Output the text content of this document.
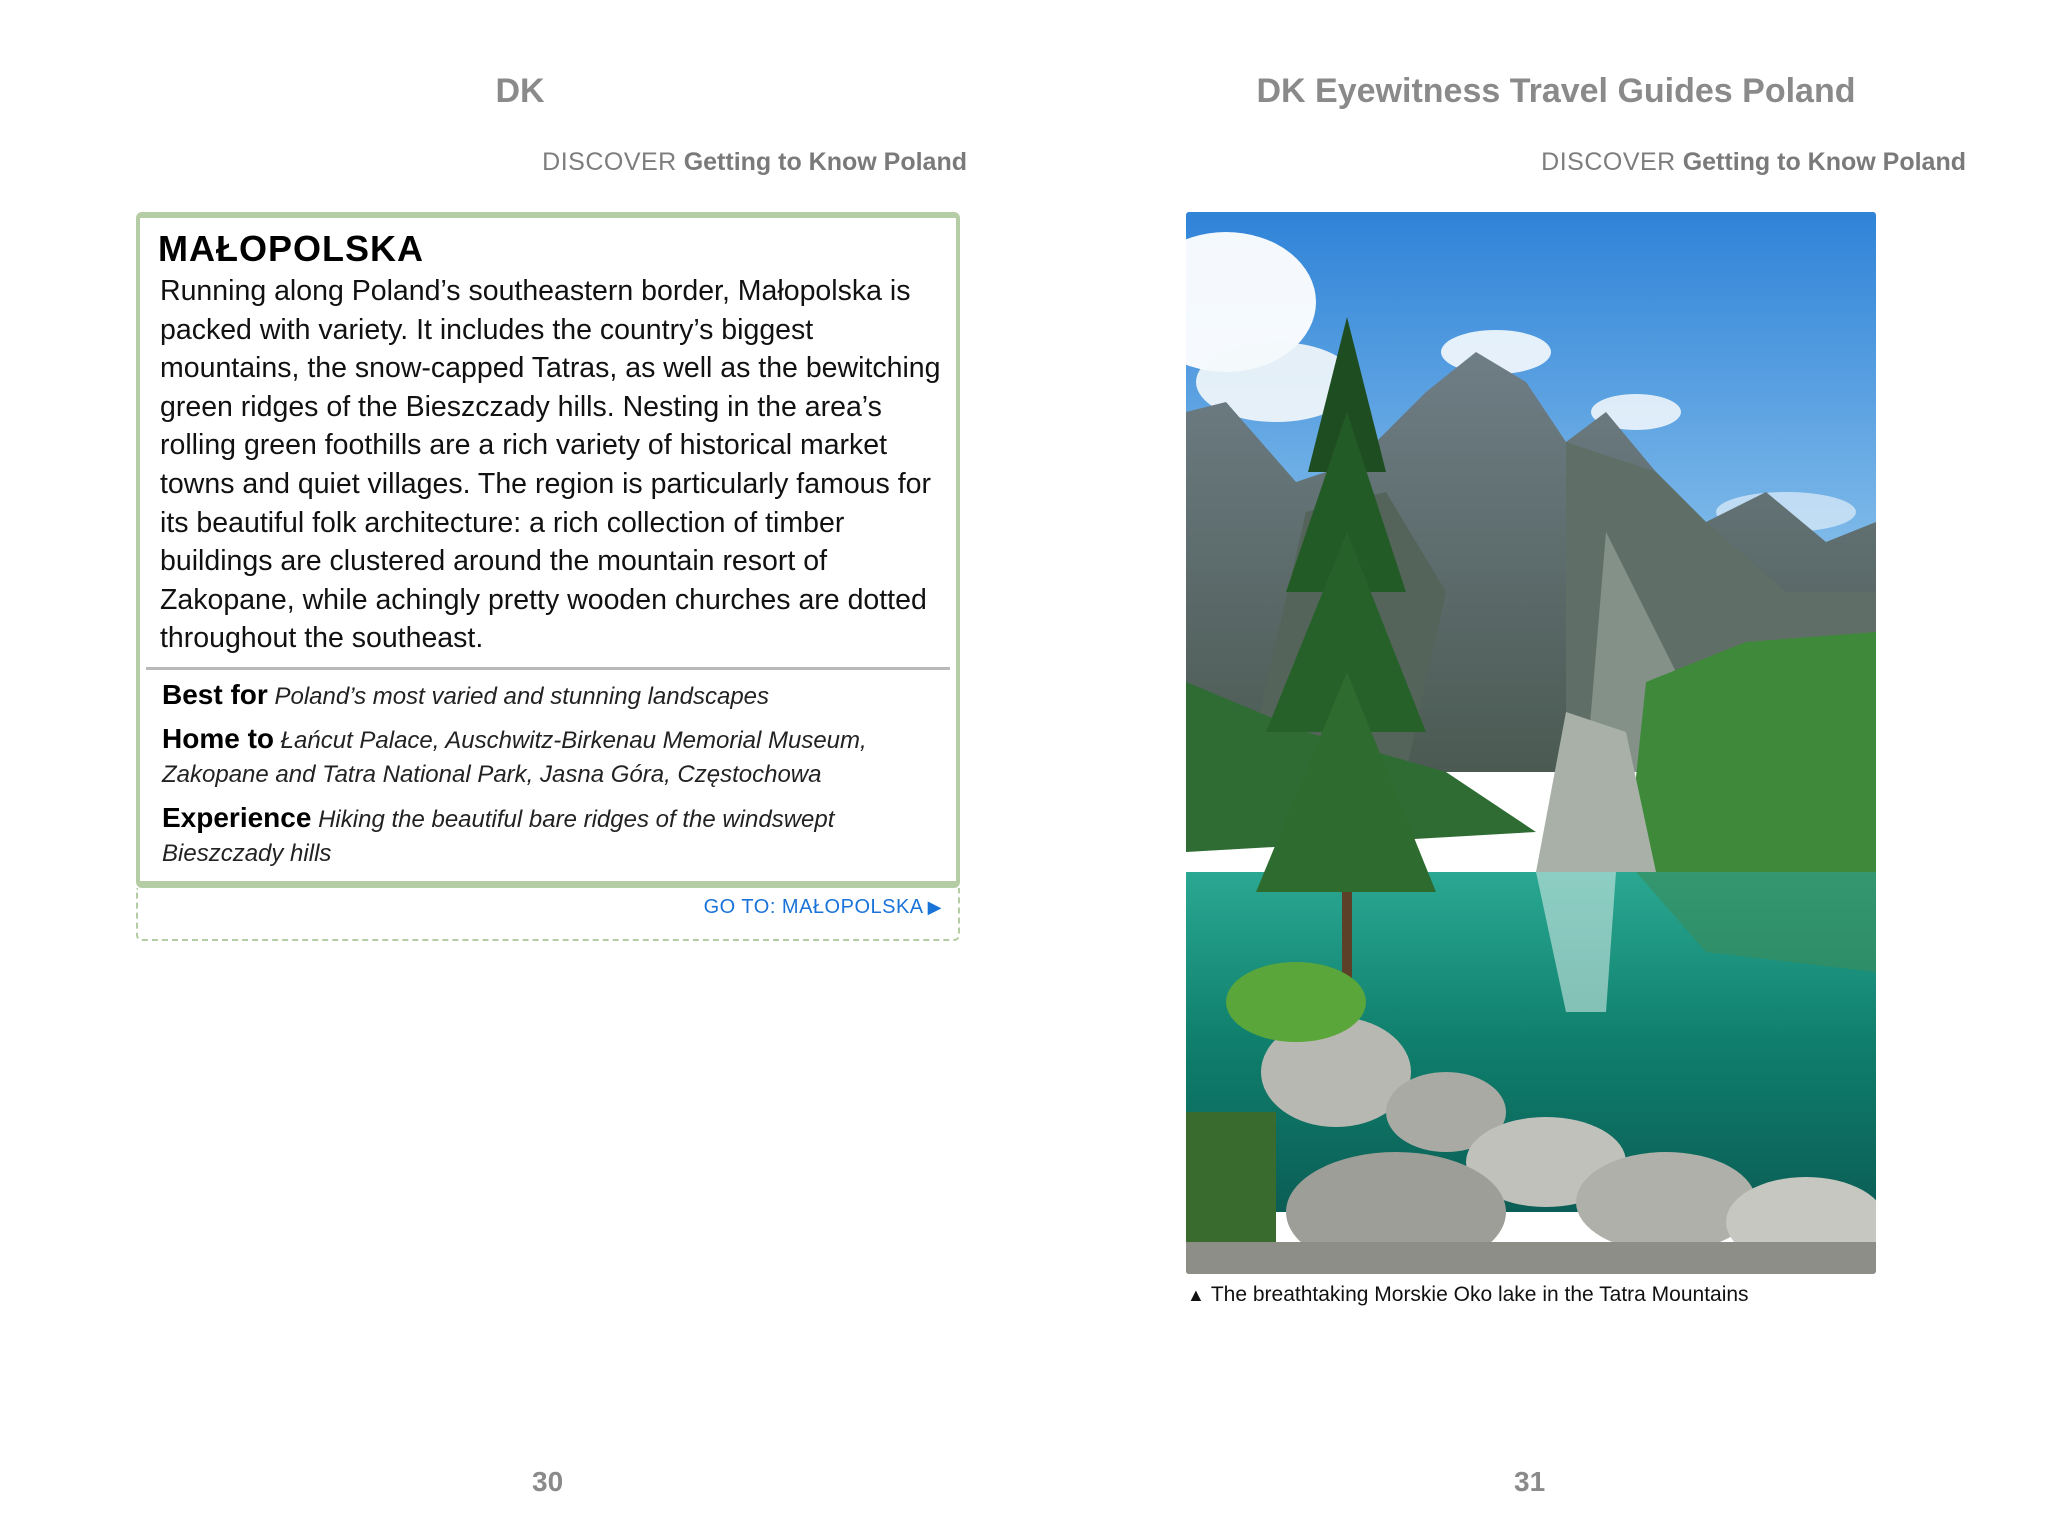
DK
DISCOVER Getting to Know Poland
MAŁOPOLSKA
Running along Poland’s southeastern border, Małopolska is packed with variety. It includes the country’s biggest mountains, the snow-capped Tatras, as well as the bewitching green ridges of the Bieszczady hills. Nesting in the area’s rolling green foothills are a rich variety of historical market towns and quiet villages. The region is particularly famous for its beautiful folk architecture: a rich collection of timber buildings are clustered around the mountain resort of Zakopane, while achingly pretty wooden churches are dotted throughout the southeast.
Best for Poland’s most varied and stunning landscapes
Home to Łańcut Palace, Auschwitz-Birkenau Memorial Museum, Zakopane and Tatra National Park, Jasna Góra, Częstochowa
Experience Hiking the beautiful bare ridges of the windswept Bieszczady hills
GO TO: MAŁOPOLSKA ▶
30
DK Eyewitness Travel Guides Poland
DISCOVER Getting to Know Poland
▲ The breathtaking Morskie Oko lake in the Tatra Mountains
31
